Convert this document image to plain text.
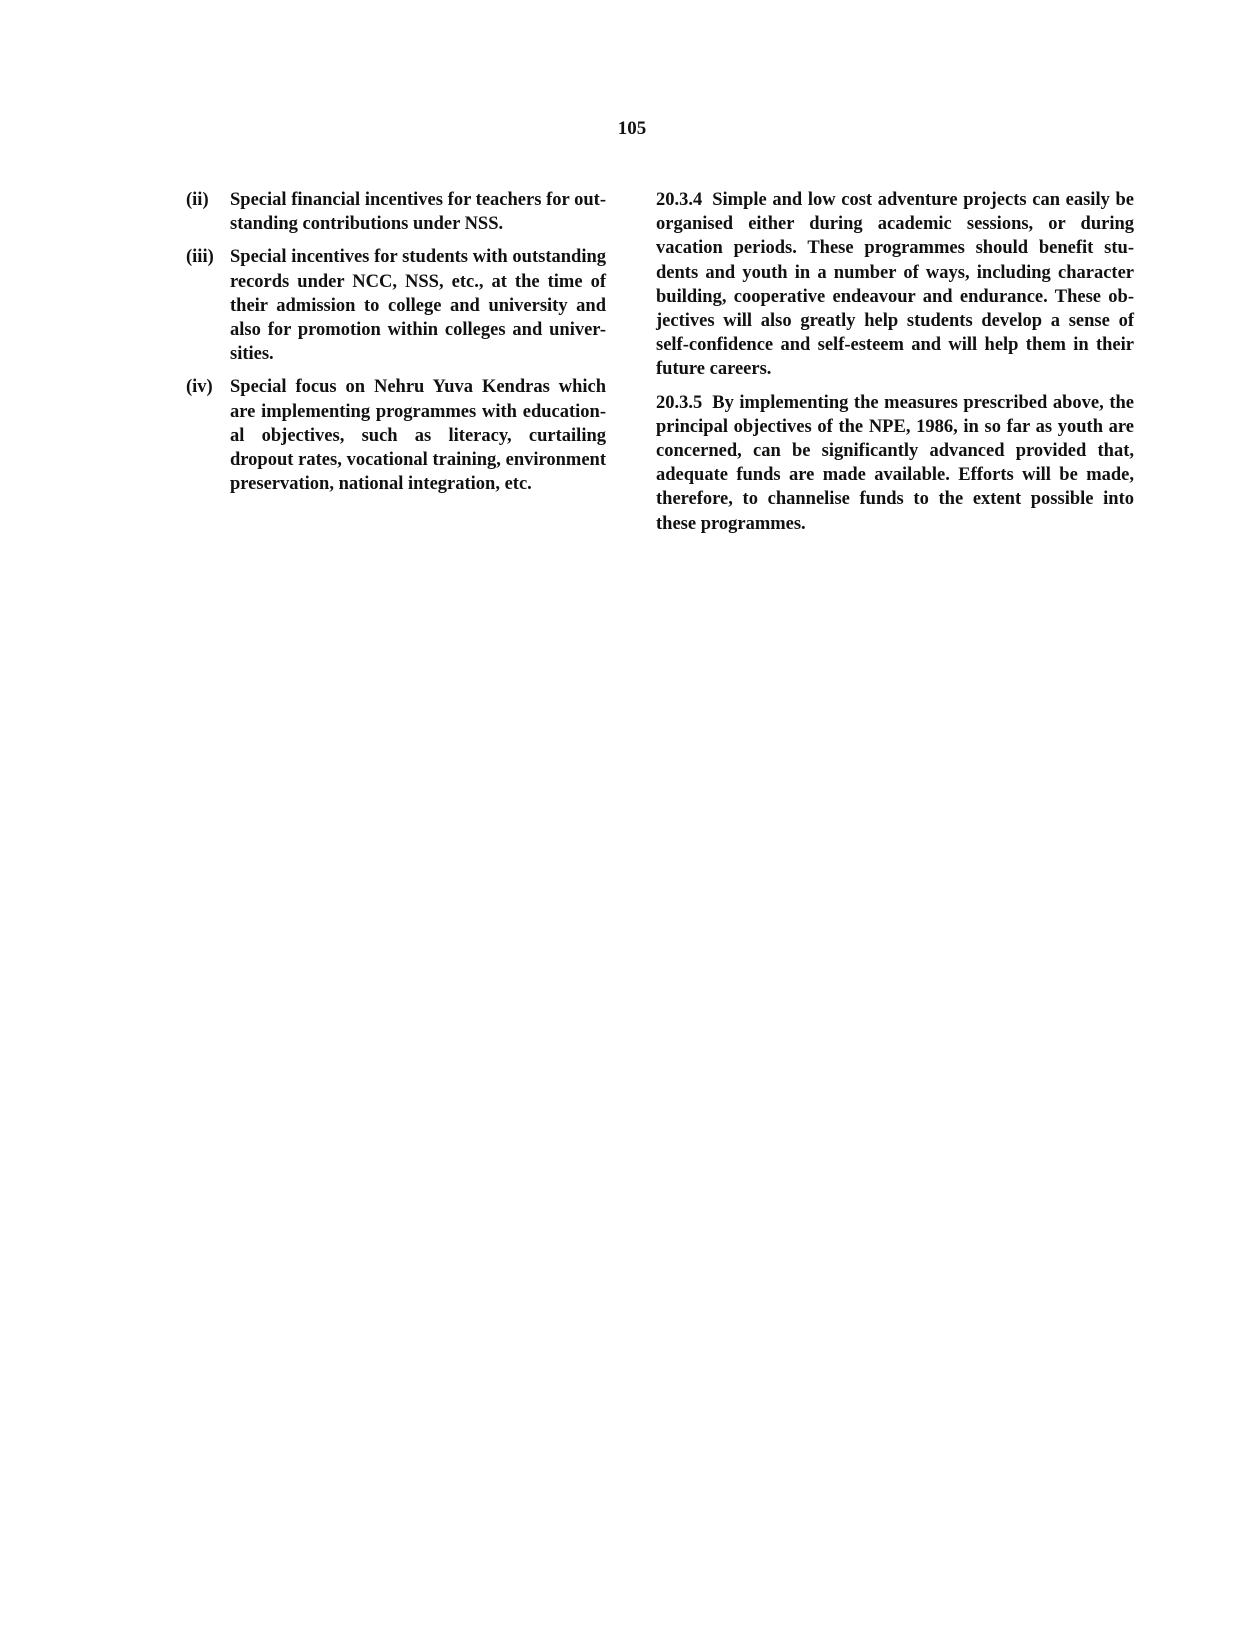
105
(ii)	Special financial incentives for teachers for out-standing contributions under NSS.
(iii) Special incentives for students with outstanding records under NCC, NSS, etc., at the time of their admission to college and university and also for promotion within colleges and univer-sities.
(iv) Special focus on Nehru Yuva Kendras which are implementing programmes with education-al objectives, such as literacy, curtailing dropout rates, vocational training, environment preservation, national integration, etc.

20.3.4 Simple and low cost adventure projects can easily be organised either during academic sessions, or during vacation periods. These programmes should benefit stu-dents and youth in a number of ways, including character building, cooperative endeavour and endurance. These ob-jectives will also greatly help students develop a sense of self-confidence and self-esteem and will help them in their future careers.

20.3.5 By implementing the measures prescribed above, the principal objectives of the NPE, 1986, in so far as youth are concerned, can be significantly advanced provided that, adequate funds are made available. Efforts will be made, therefore, to channelise funds to the extent possible into these programmes.
